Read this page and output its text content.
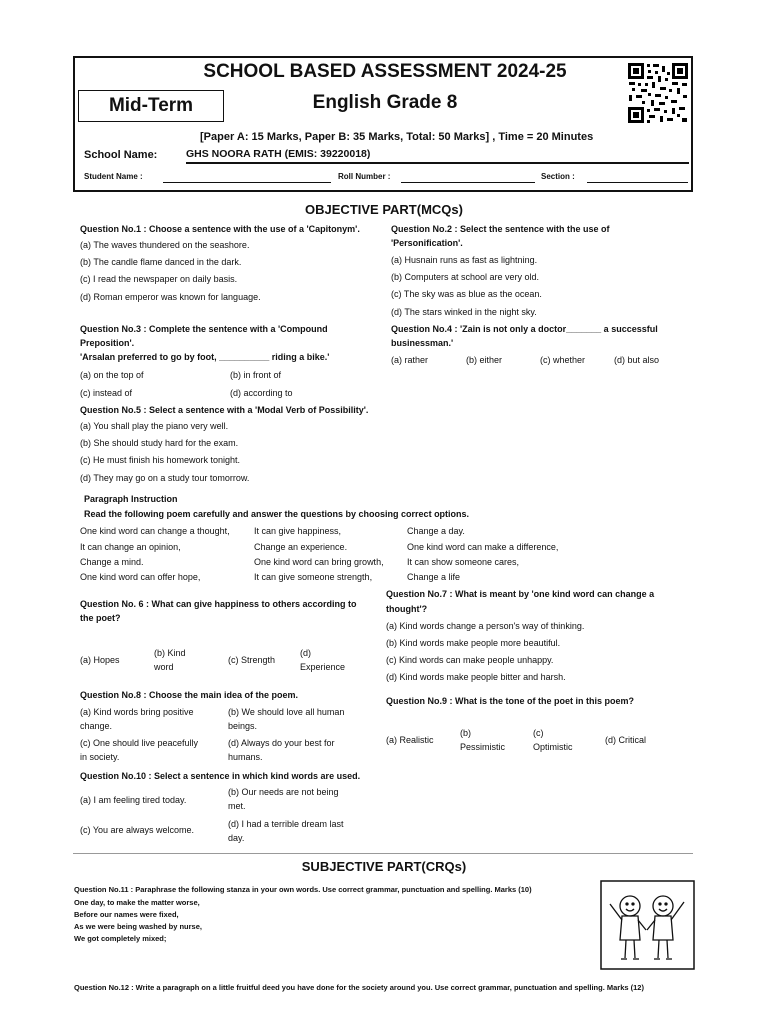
SCHOOL BASED ASSESSMENT 2024-25
English Grade 8
Mid-Term
[Paper A: 15 Marks, Paper B: 35 Marks, Total: 50 Marks] , Time = 20 Minutes
School Name:	GHS NOORA RATH (EMIS: 39220018)
Student Name :	Roll Number :	Section :
OBJECTIVE PART(MCQs)
Question No.1 : Choose a sentence with the use of a 'Capitonym'.
(a) The waves thundered on the seashore.
(b) The candle flame danced in the dark.
(c) I read the newspaper on daily basis.
(d) Roman emperor was known for language.
Question No.2 : Select the sentence with the use of
'Personification'.
(a) Husnain runs as fast as lightning.
(b) Computers at school are very old.
(c) The sky was as blue as the ocean.
(d) The stars winked in the night sky.
Question No.3 : Complete the sentence with a 'Compound
Preposition'.
'Arsalan preferred to go by foot, __________ riding a bike.'
(a) on the top of	(b) in front of
(c) instead of	(d) according to
Question No.4 : 'Zain is not only a doctor_______ a successful
businessman.'
(a) rather	(b) either	(c) whether	(d) but also
Question No.5 : Select a sentence with a 'Modal Verb of Possibility'.
(a) You shall play the piano very well.
(b) She should study hard for the exam.
(c) He must finish his homework tonight.
(d) They may go on a study tour tomorrow.
Paragraph Instruction
Read the following poem carefully and answer the questions by choosing correct options.
One kind word can change a thought,
It can change an opinion,
Change a mind.
One kind word can offer hope,
It can give happiness,
Change an experience.
One kind word can bring growth,
It can give someone strength,
Change a day.
One kind word can make a difference,
It can show someone cares,
Change a life
Question No. 6 : What can give happiness to others according to
the poet?
(a) Hopes
(b) Kind
word
(c) Strength
(d)
Experience
Question No.7 : What is meant by 'one kind word can change a
thought'?
(a) Kind words change a person's way of thinking.
(b) Kind words make people more beautiful.
(c) Kind words can make people unhappy.
(d) Kind words make people bitter and harsh.
Question No.8 : Choose the main idea of the poem.
(a) Kind words bring positive
change.
(b) We should love all human
beings.
(c) One should live peacefully
in society.
(d) Always do your best for
humans.
Question No.9 : What is the tone of the poet in this poem?
(a) Realistic
(b)
Pessimistic
(c)
Optimistic
(d) Critical
Question No.10 : Select a sentence in which kind words are used.
(a) I am feeling tired today.
(b) Our needs are not being
met.
(c) You are always welcome.
(d) I had a terrible dream last
day.
SUBJECTIVE PART(CRQs)
Question No.11 : Paraphrase the following stanza in your own words. Use correct grammar, punctuation and spelling. Marks (10)
One day, to make the matter worse,
Before our names were fixed,
As we were being washed by nurse,
We got completely mixed;
Question No.12 : Write a paragraph on a little fruitful deed you have done for the society around you. Use correct grammar, punctuation and spelling. Marks (12)
